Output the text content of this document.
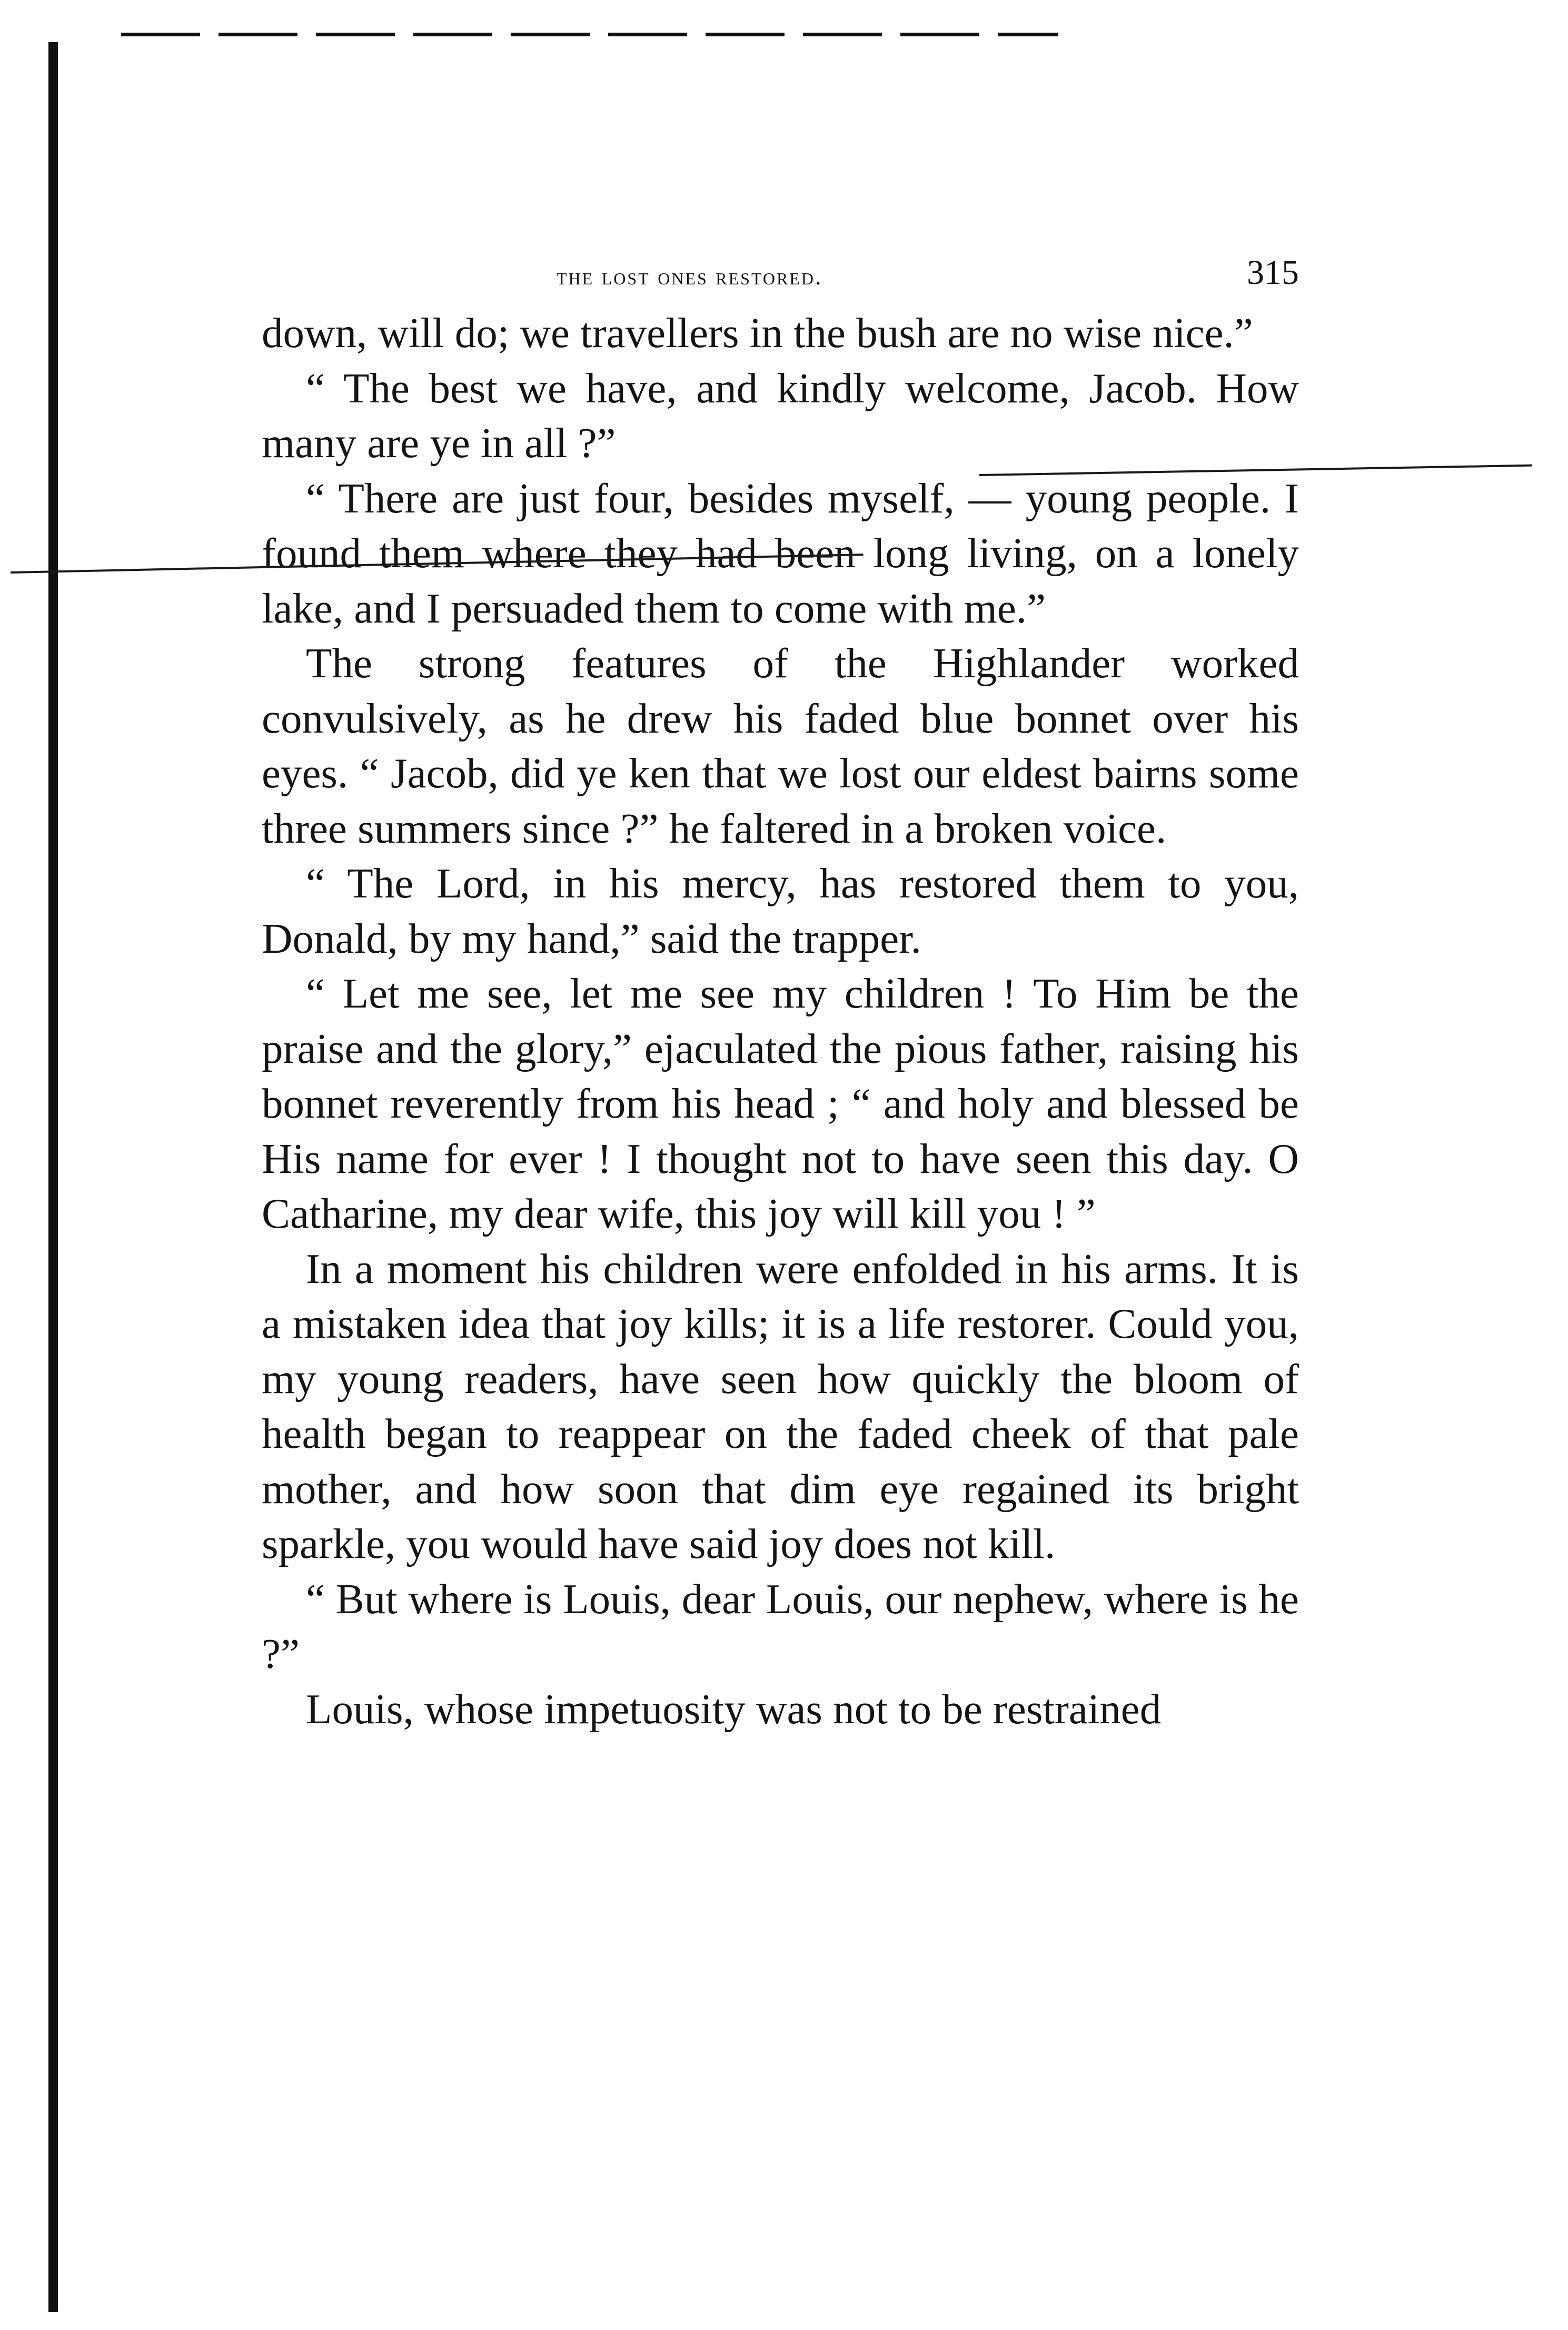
the lost ones restored.	315

down, will do; we travellers in the bush are no wise nice.”

“ The best we have, and kindly welcome, Jacob. How many are ye in all ?”

“ There are just four, besides myself, — young people. I found them where they had been long living, on a lonely lake, and I persuaded them to come with me.”

The strong features of the Highlander worked convulsively, as he drew his faded blue bonnet over his eyes. “ Jacob, did ye ken that we lost our eldest bairns some three summers since ?” he faltered in a broken voice.

“ The Lord, in his mercy, has restored them to you, Donald, by my hand,” said the trapper.

“ Let me see, let me see my children ! To Him be the praise and the glory,” ejaculated the pious father, raising his bonnet reverently from his head ; “ and holy and blessed be His name for ever ! I thought not to have seen this day. O Catharine, my dear wife, this joy will kill you ! ”

In a moment his children were enfolded in his arms. It is a mistaken idea that joy kills; it is a life restorer. Could you, my young readers, have seen how quickly the bloom of health began to reappear on the faded cheek of that pale mother, and how soon that dim eye regained its bright sparkle, you would have said joy does not kill.

“ But where is Louis, dear Louis, our nephew, where is he ?”

Louis, whose impetuosity was not to be restrained
